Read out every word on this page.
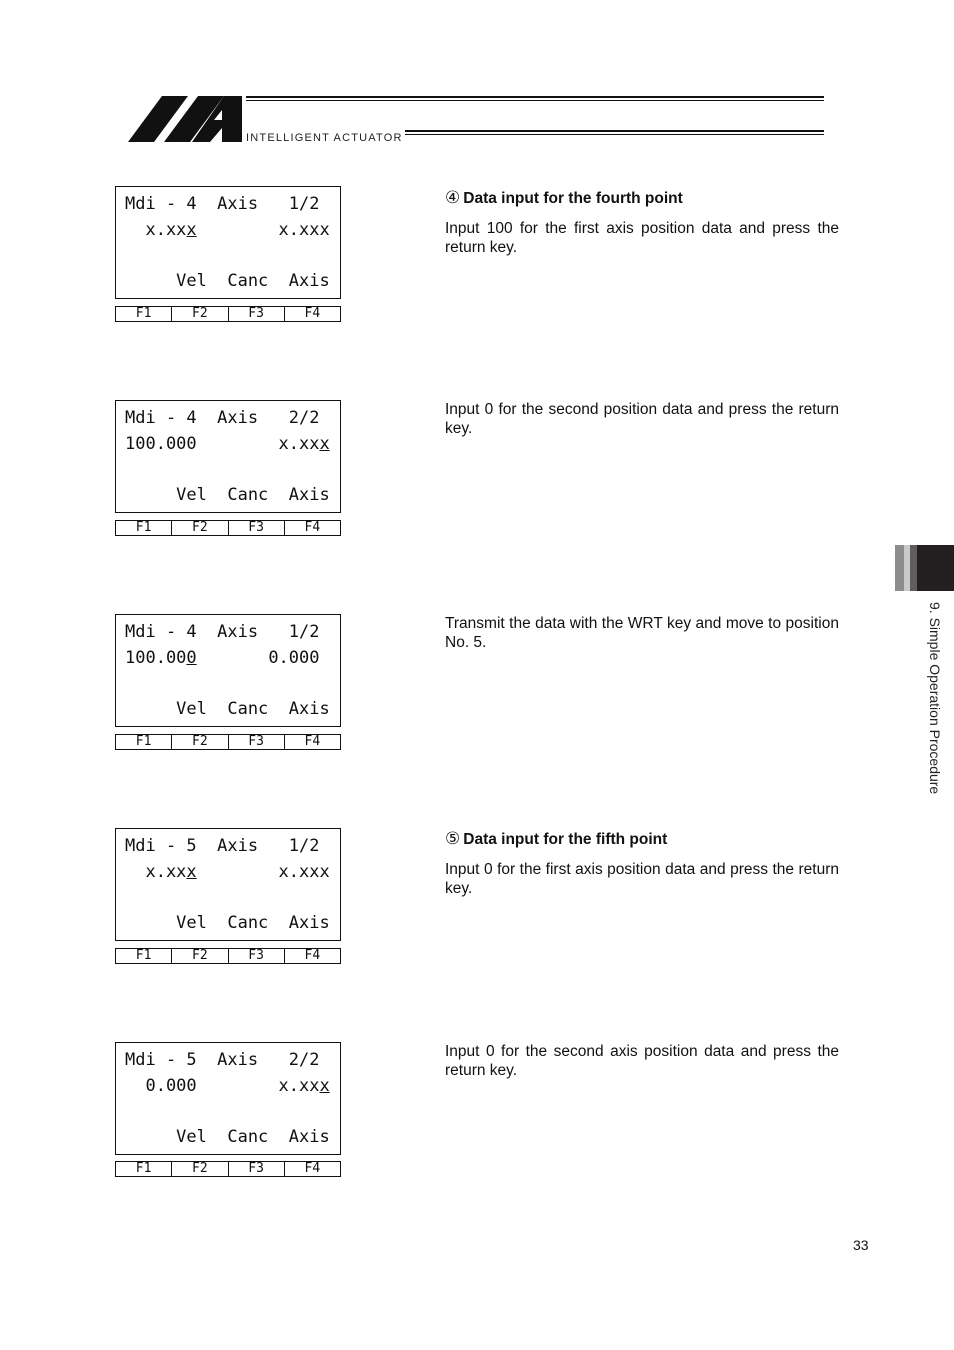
INTELLIGENT ACTUATOR
Mdi - 4  Axis   1/2
x.xxx        x.xxx
Vel  Canc  Axis
F1	F2	F3	F4
Mdi - 4  Axis   2/2
100.000        x.xxx
Vel  Canc  Axis
F1	F2	F3	F4
Mdi - 4  Axis   1/2
100.000       0.000
Vel  Canc  Axis
F1	F2	F3	F4
Mdi - 5  Axis   1/2
x.xxx        x.xxx
Vel  Canc  Axis
F1	F2	F3	F4
Mdi - 5  Axis   2/2
0.000        x.xxx
Vel  Canc  Axis
F1	F2	F3	F4
④ Data input for the fourth point
Input 100 for the first axis position data and press the return key.
Input 0 for the second position data and press the return key.
Transmit the data with the WRT key and move to position No. 5.
⑤ Data input for the fifth point
Input 0 for the first axis position data and press the return key.
Input 0 for the second axis position data and press the return key.
9. Simple Operation Procedure
33
